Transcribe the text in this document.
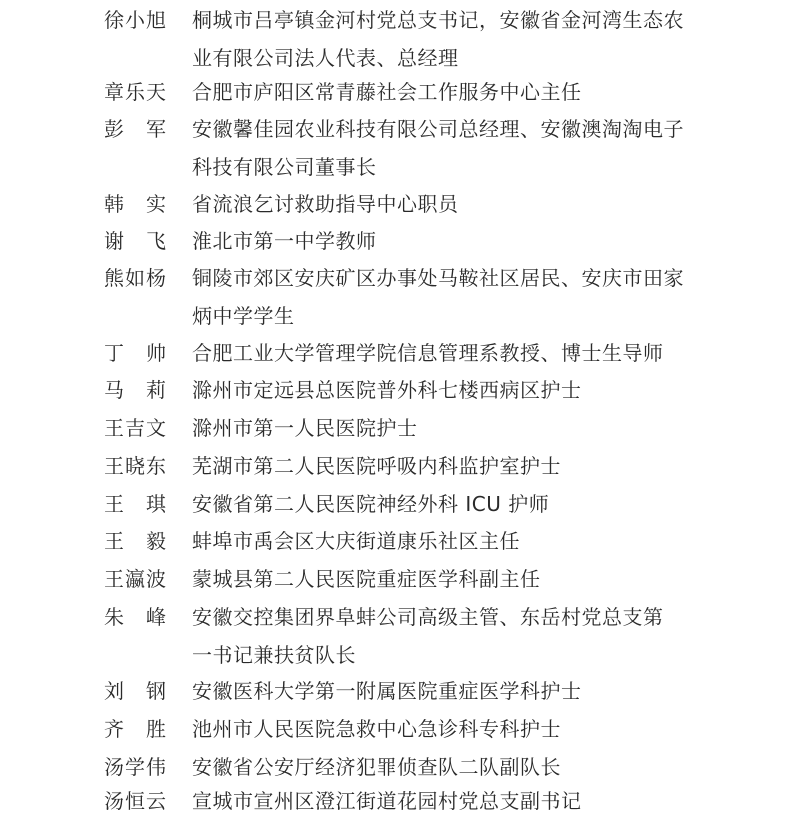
徐小旭	桐城市吕亭镇金河村党总支书记，安徽省金河湾生态农
业有限公司法人代表、总经理
章乐天	合肥市庐阳区常青藤社会工作服务中心主任
彭　军	安徽馨佳园农业科技有限公司总经理、安徽澳淘淘电子
科技有限公司董事长
韩　实	省流浪乞讨救助指导中心职员
谢　飞	淮北市第一中学教师
熊如杨	铜陵市郊区安庆矿区办事处马鞍社区居民、安庆市田家
炳中学学生
丁　帅	合肥工业大学管理学院信息管理系教授、博士生导师
马　莉	滁州市定远县总医院普外科七楼西病区护士
王吉文	滁州市第一人民医院护士
王晓东	芜湖市第二人民医院呼吸内科监护室护士
王　琪	安徽省第二人民医院神经外科 ICU 护师
王　毅	蚌埠市禹会区大庆街道康乐社区主任
王瀛波	蒙城县第二人民医院重症医学科副主任
朱　峰	安徽交控集团界阜蚌公司高级主管、东岳村党总支第
一书记兼扶贫队长
刘　钢	安徽医科大学第一附属医院重症医学科护士
齐　胜	池州市人民医院急救中心急诊科专科护士
汤学伟	安徽省公安厅经济犯罪侦查队二队副队长
汤恒云	宣城市宣州区澄江街道花园村党总支副书记
